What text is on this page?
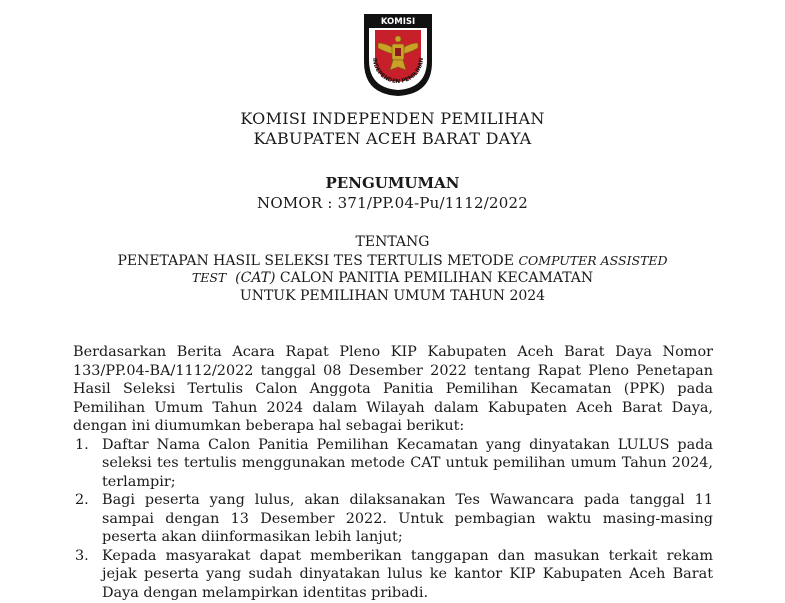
KOMISI
INDEPENDEN PEMILIHAN
KOMISI INDEPENDEN PEMILIHAN
KABUPATEN ACEH BARAT DAYA
PENGUMUMAN
NOMOR : 371/PP.04-Pu/1112/2022
TENTANG
PENETAPAN HASIL SELEKSI TES TERTULIS METODE COMPUTER ASSISTED
TEST (CAT) CALON PANITIA PEMILIHAN KECAMATAN
UNTUK PEMILIHAN UMUM TAHUN 2024

Berdasarkan Berita Acara Rapat Pleno KIP Kabupaten Aceh Barat Daya Nomor 133/PP.04-BA/1112/2022 tanggal 08 Desember 2022 tentang Rapat Pleno Penetapan Hasil Seleksi Tertulis Calon Anggota Panitia Pemilihan Kecamatan (PPK) pada Pemilihan Umum Tahun 2024 dalam Wilayah dalam Kabupaten Aceh Barat Daya, dengan ini diumumkan beberapa hal sebagai berikut:

1. Daftar Nama Calon Panitia Pemilihan Kecamatan yang dinyatakan LULUS pada seleksi tes tertulis menggunakan metode CAT untuk pemilihan umum Tahun 2024, terlampir;
2. Bagi peserta yang lulus, akan dilaksanakan Tes Wawancara pada tanggal 11 sampai dengan 13 Desember 2022. Untuk pembagian waktu masing-masing peserta akan diinformasikan lebih lanjut;
3. Kepada masyarakat dapat memberikan tanggapan dan masukan terkait rekam jejak peserta yang sudah dinyatakan lulus ke kantor KIP Kabupaten Aceh Barat Daya dengan melampirkan identitas pribadi.
